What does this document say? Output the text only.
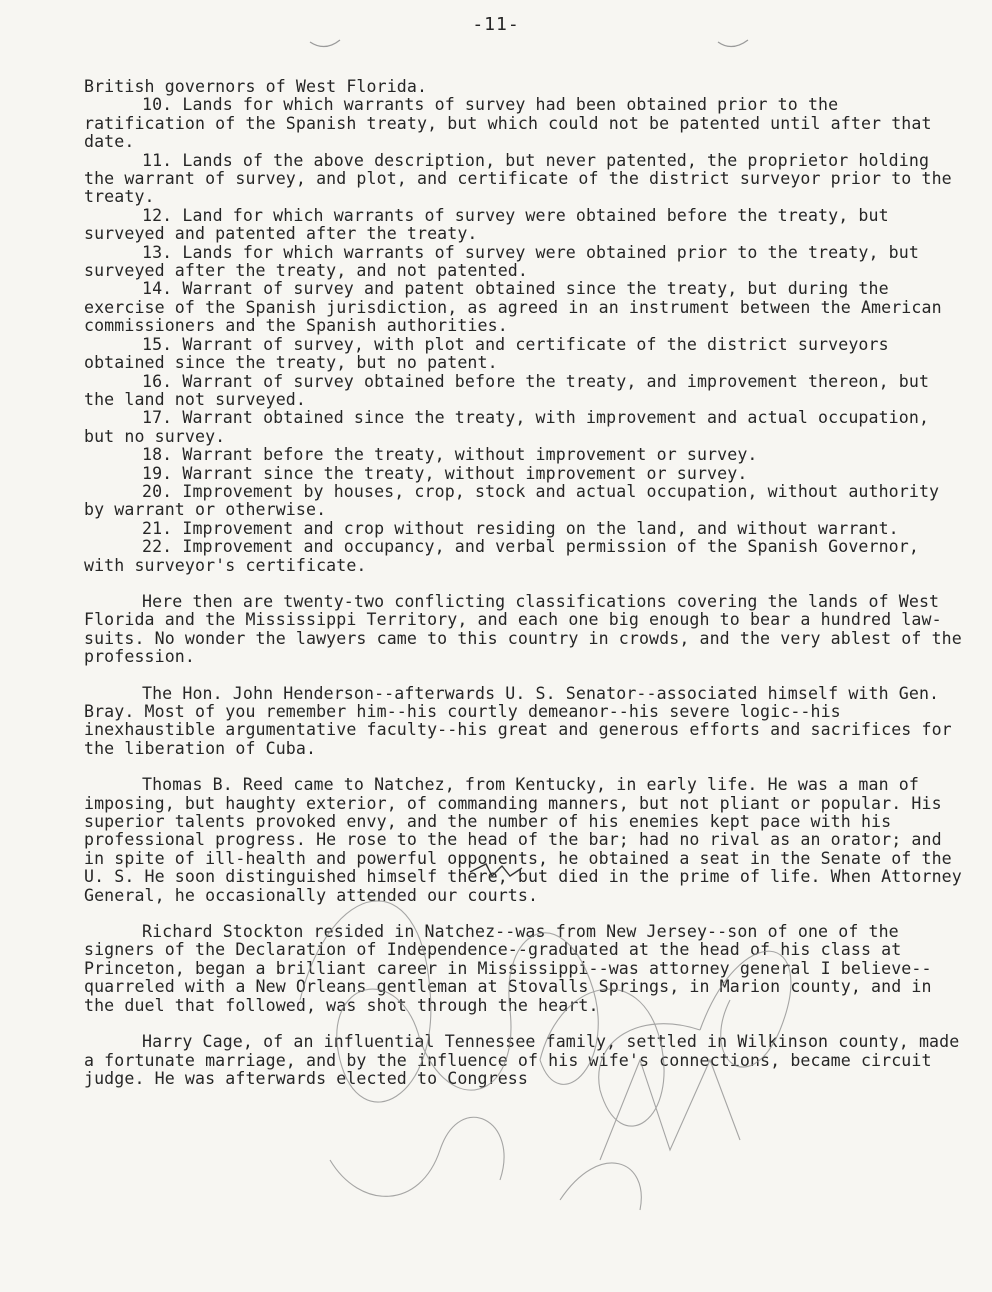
-11-

British governors of West Florida.

10. Lands for which warrants of survey had been obtained prior to the ratification of the Spanish treaty, but which could not be patented until after that date.

11. Lands of the above description, but never patented, the proprietor holding the warrant of survey, and plot, and certificate of the district surveyor prior to the treaty.

12. Land for which warrants of survey were obtained before the treaty, but surveyed and patented after the treaty.

13. Lands for which warrants of survey were obtained prior to the treaty, but surveyed after the treaty, and not patented.

14. Warrant of survey and patent obtained since the treaty, but during the exercise of the Spanish jurisdiction, as agreed in an instrument between the American commissioners and the Spanish authorities.

15. Warrant of survey, with plot and certificate of the district surveyors obtained since the treaty, but no patent.

16. Warrant of survey obtained before the treaty, and improvement thereon, but the land not surveyed.

17. Warrant obtained since the treaty, with improvement and actual occupation, but no survey.

18. Warrant before the treaty, without improvement or survey.

19. Warrant since the treaty, without improvement or survey.

20. Improvement by houses, crop, stock and actual occupation, without authority by warrant or otherwise.

21. Improvement and crop without residing on the land, and without warrant.

22. Improvement and occupancy, and verbal permission of the Spanish Governor, with surveyor's certificate.

Here then are twenty-two conflicting classifications covering the lands of West Florida and the Mississippi Territory, and each one big enough to bear a hundred law-suits. No wonder the lawyers came to this country in crowds, and the very ablest of the profession.

The Hon. John Henderson--afterwards U. S. Senator--associated himself with Gen. Bray. Most of you remember him--his courtly demeanor--his severe logic--his inexhaustible argumentative faculty--his great and generous efforts and sacrifices for the liberation of Cuba.

Thomas B. Reed came to Natchez, from Kentucky, in early life. He was a man of imposing, but haughty exterior, of commanding manners, but not pliant or popular. His superior talents provoked envy, and the number of his enemies kept pace with his professional progress. He rose to the head of the bar; had no rival as an orator; and in spite of ill-health and powerful opponents, he obtained a seat in the Senate of the U. S. He soon distinguished himself there, but died in the prime of life. When Attorney General, he occasionally attended our courts.

Richard Stockton resided in Natchez--was from New Jersey--son of one of the signers of the Declaration of Independence--graduated at the head of his class at Princeton, began a brilliant career in Mississippi--was attorney general I believe--quarreled with a New Orleans gentleman at Stovalls Springs, in Marion county, and in the duel that followed, was shot through the heart.

Harry Cage, of an influential Tennessee family, settled in Wilkinson county, made a fortunate marriage, and by the influence of his wife's connections, became circuit judge. He was afterwards elected to Congress
